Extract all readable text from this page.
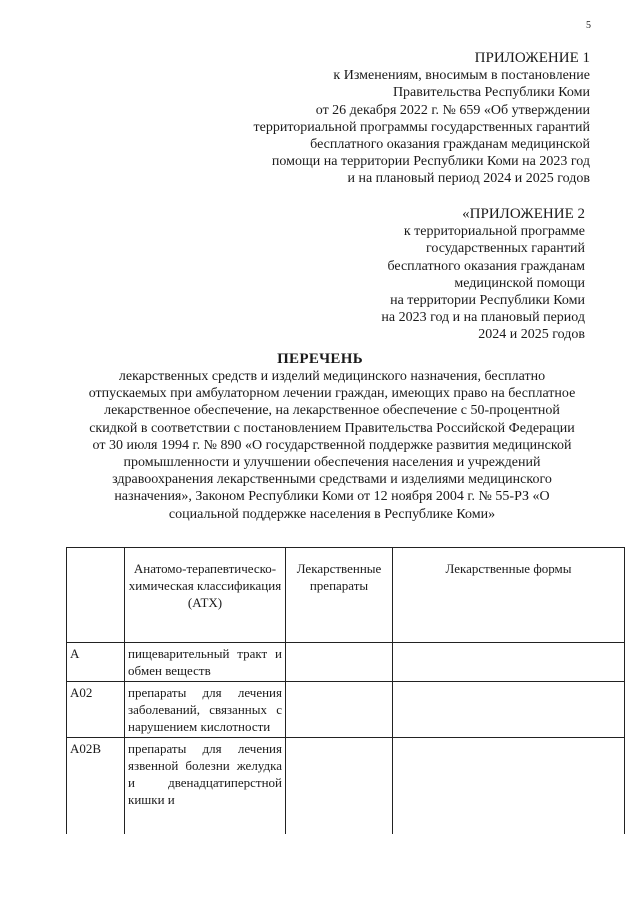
5
ПРИЛОЖЕНИЕ 1
к Изменениям, вносимым в постановление
Правительства Республики Коми
от 26 декабря 2022 г. № 659 «Об утверждении
территориальной программы государственных гарантий
бесплатного оказания гражданам медицинской
помощи на территории Республики Коми на 2023 год
и на плановый период 2024 и 2025 годов
«ПРИЛОЖЕНИЕ 2
к территориальной программе
государственных гарантий
бесплатного оказания гражданам
медицинской помощи
на территории Республики Коми
на 2023 год и на плановый период
2024 и 2025 годов
ПЕРЕЧЕНЬ
лекарственных средств и изделий медицинского назначения, бесплатно отпускаемых при амбулаторном лечении граждан, имеющих право на бесплатное лекарственное обеспечение, на лекарственное обеспечение с 50-процентной скидкой в соответствии с постановлением Правительства Российской Федерации от 30 июля 1994 г. № 890 «О государственной поддержке развития медицинской промышленности и улучшении обеспечения населения и учреждений здравоохранения лекарственными средствами и изделиями медицинского назначения», Законом Республики Коми от 12 ноября 2004 г. № 55-РЗ «О социальной поддержке населения в Республике Коми»
	Анатомо-терапевтическо-химическая классификация (АТХ)	Лекарственные препараты	Лекарственные формы
A	пищеварительный тракт и обмен веществ		
A02	препараты для лечения заболеваний, связанных с нарушением кислотности		
A02B	препараты для лечения язвенной болезни желудка и двенадцатиперстной кишки и		
